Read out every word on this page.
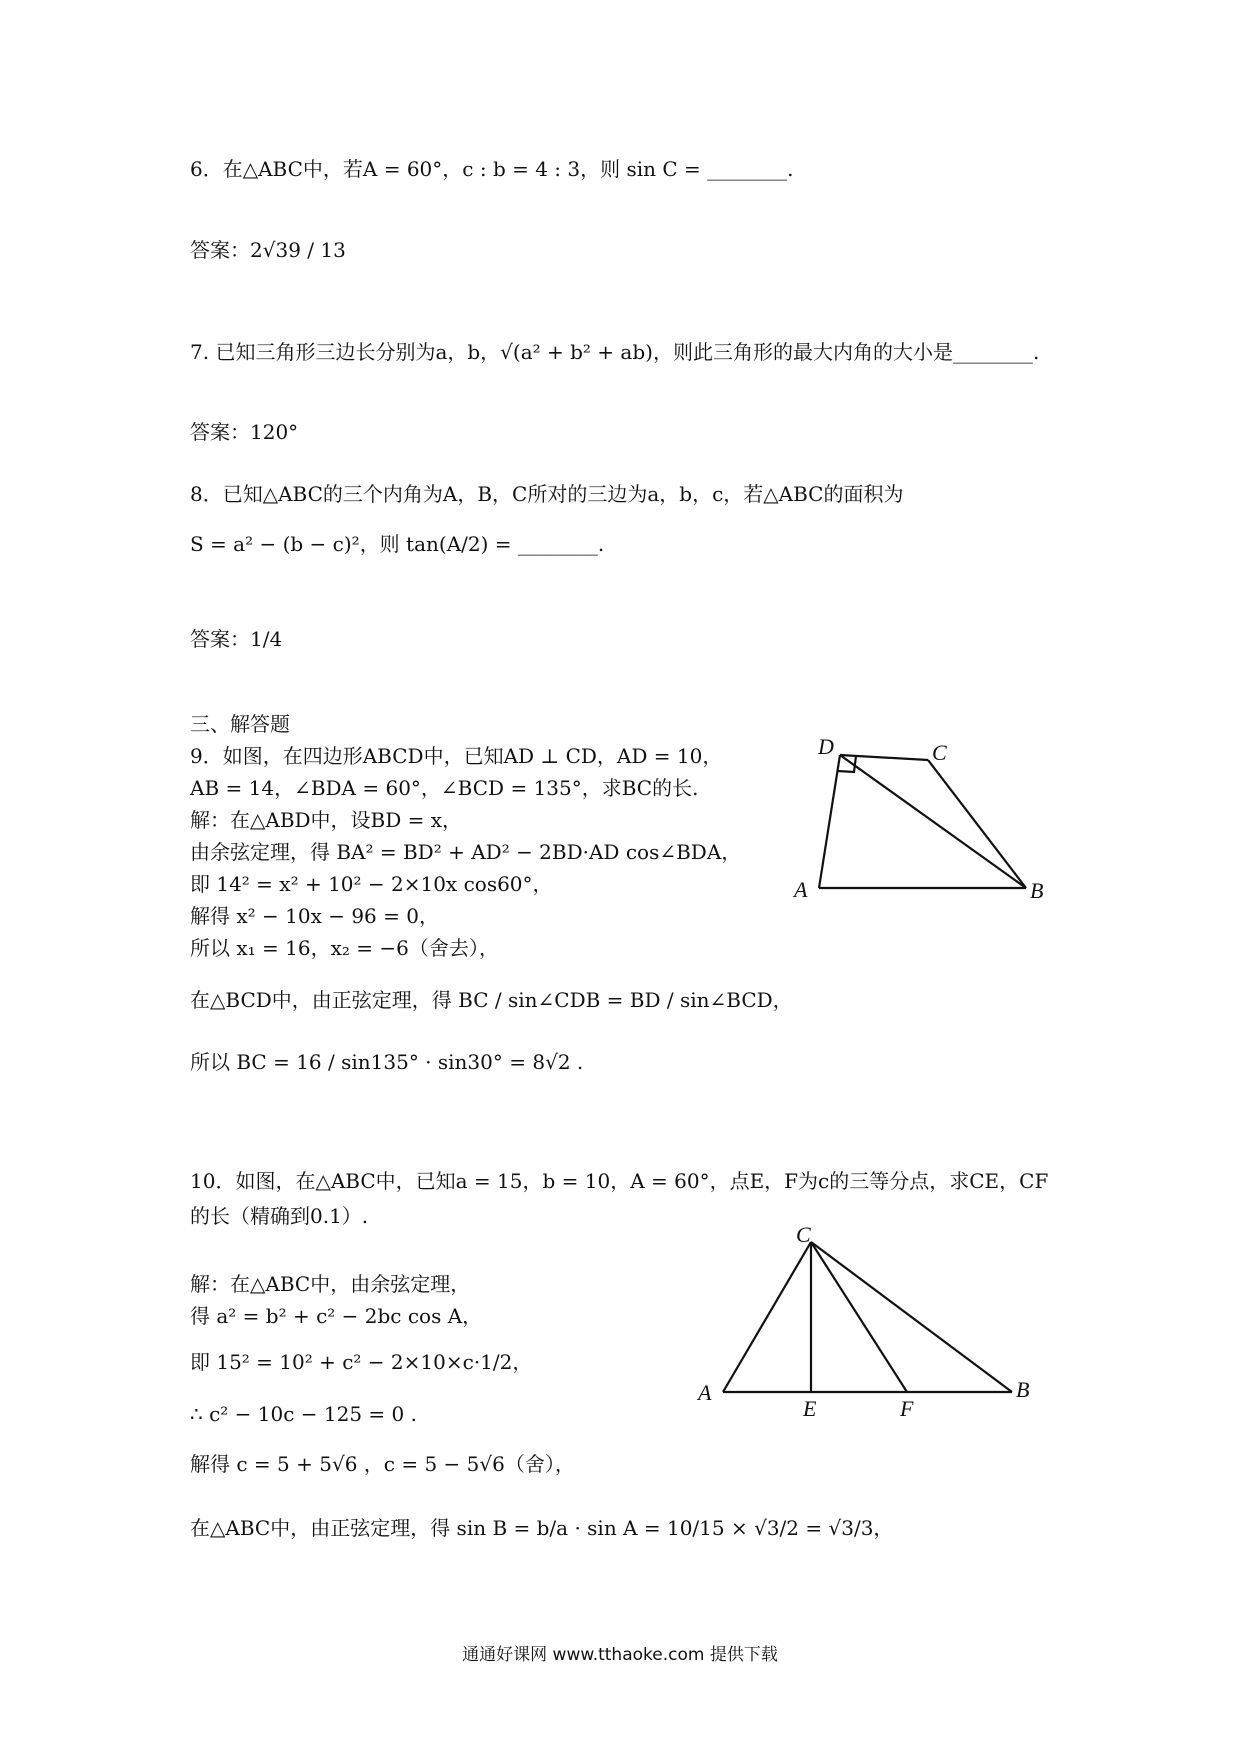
6．在△ABC中，若A = 60°，c : b = 4 : 3，则 sin C = ________.
答案：2√39 / 13
7. 已知三角形三边长分别为a，b，√(a² + b² + ab)，则此三角形的最大内角的大小是________.
答案：120°
8．已知△ABC的三个内角为A，B，C所对的三边为a，b，c，若△ABC的面积为
S = a² − (b − c)²，则 tan(A/2) = ________.
答案：1/4
三、解答题
9．如图，在四边形ABCD中，已知AD ⊥ CD，AD = 10，
AB = 14，∠BDA = 60°，∠BCD = 135°，求BC的长.
解：在△ABD中，设BD = x，
由余弦定理，得 BA² = BD² + AD² − 2BD·AD cos∠BDA，
即 14² = x² + 10² − 2×10x cos60°，
解得 x² − 10x − 96 = 0，
所以 x₁ = 16，x₂ = −6（舍去），
在△BCD中，由正弦定理，得 BC / sin∠CDB = BD / sin∠BCD，
所以 BC = 16 / sin135° · sin30° = 8√2 .
D	C
A	B
10．如图，在△ABC中，已知a = 15，b = 10，A = 60°，点E，F为c的三等分点，求CE，CF
的长（精确到0.1）.
解：在△ABC中，由余弦定理，
得 a² = b² + c² − 2bc cos A，
即 15² = 10² + c² − 2×10×c·1/2，
∴ c² − 10c − 125 = 0 .
解得 c = 5 + 5√6 ，c = 5 − 5√6（舍），
在△ABC中，由正弦定理，得 sin B = b/a · sin A = 10/15 × √3/2 = √3/3，
C
A
E	F
B
通通好课网 www.tthaoke.com 提供下载
